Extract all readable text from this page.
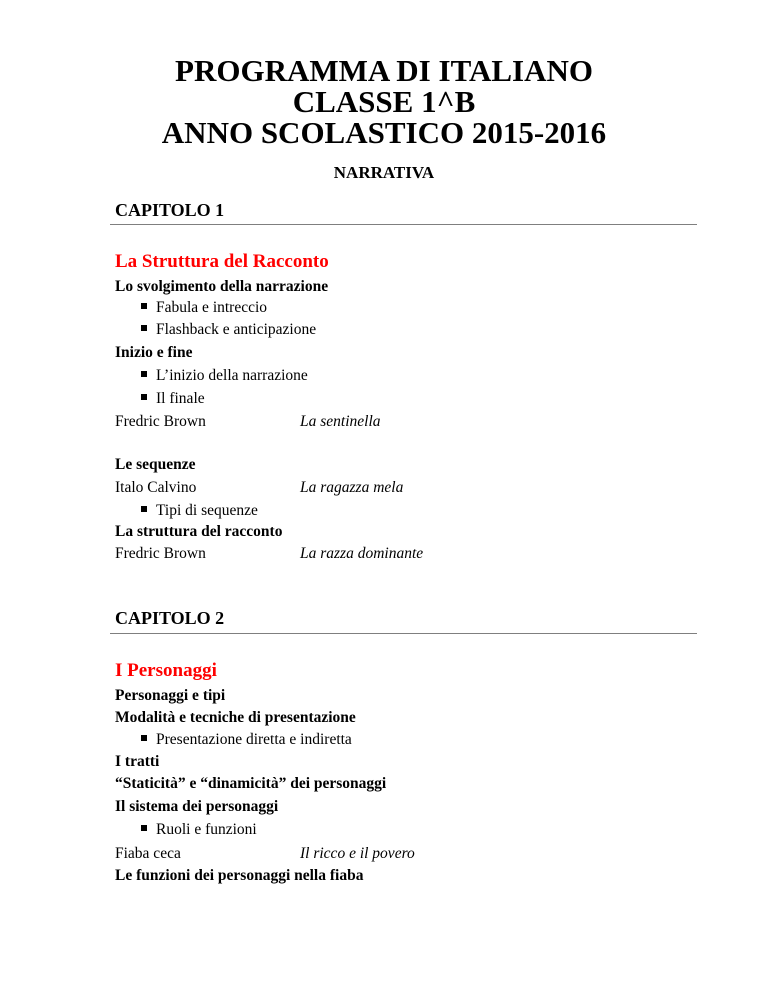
PROGRAMMA DI ITALIANO
CLASSE 1^B
ANNO SCOLASTICO 2015-2016
NARRATIVA
CAPITOLO 1
La Struttura del Racconto
Lo svolgimento della narrazione
Fabula e intreccio
Flashback e anticipazione
Inizio e fine
L’inizio della narrazione
Il finale
Fredric Brown	La sentinella
Le sequenze
Italo Calvino	La ragazza mela
Tipi di sequenze
La struttura del racconto
Fredric Brown	La razza dominante
CAPITOLO 2
I Personaggi
Personaggi e tipi
Modalità e tecniche di presentazione
Presentazione diretta e indiretta
I tratti
“Staticità” e “dinamicità” dei personaggi
Il sistema dei personaggi
Ruoli e funzioni
Fiaba ceca	Il ricco e il povero
Le funzioni dei personaggi nella fiaba
